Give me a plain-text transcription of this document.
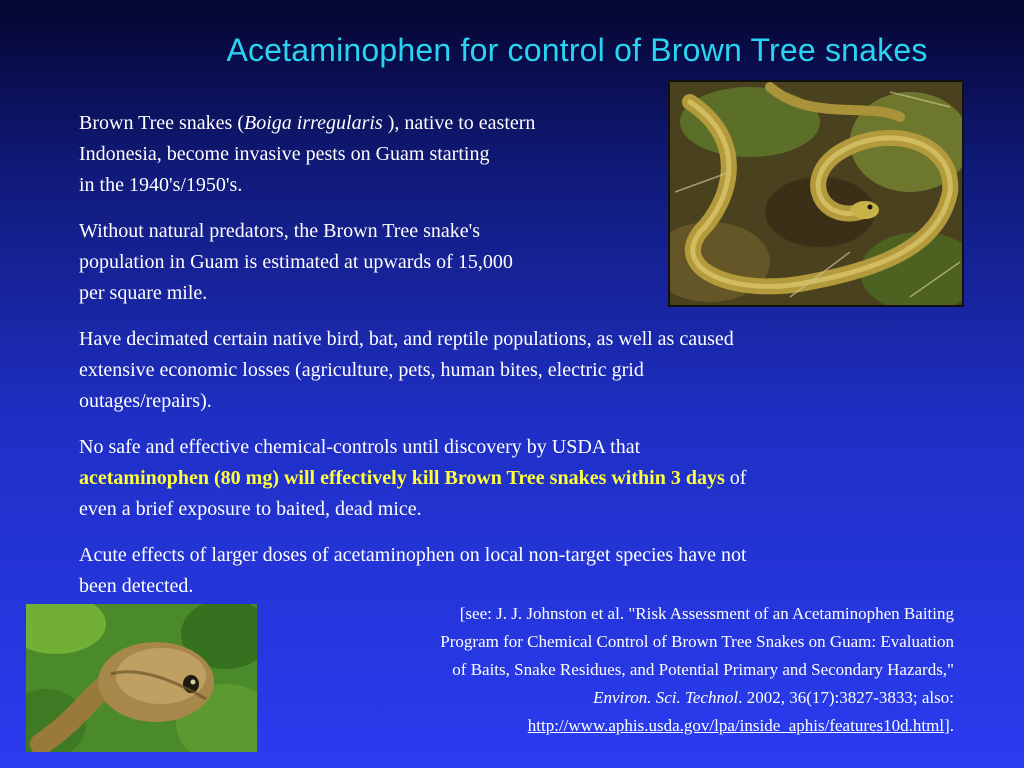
Acetaminophen for control of Brown Tree snakes

Brown Tree snakes (Boiga irregularis ), native to eastern
Indonesia, become invasive pests on Guam starting
in the 1940's/1950's.

Without natural predators, the Brown Tree snake's
population in Guam is estimated at upwards of 15,000
per square mile.

Have decimated certain native bird, bat, and reptile populations, as well as caused
extensive economic losses (agriculture, pets, human bites, electric grid
outages/repairs).

No safe and effective chemical-controls until discovery by USDA that
acetaminophen (80 mg) will effectively kill Brown Tree snakes within 3 days of
even a brief exposure to baited, dead mice.

Acute effects of larger doses of acetaminophen on local non-target species have not
been detected.

[see: J. J. Johnston et al. "Risk Assessment of an Acetaminophen Baiting
Program for Chemical Control of Brown Tree Snakes on Guam: Evaluation
of Baits, Snake Residues, and Potential Primary and Secondary Hazards,"
Environ. Sci. Technol. 2002, 36(17):3827-3833; also:
http://www.aphis.usda.gov/lpa/inside_aphis/features10d.html].
